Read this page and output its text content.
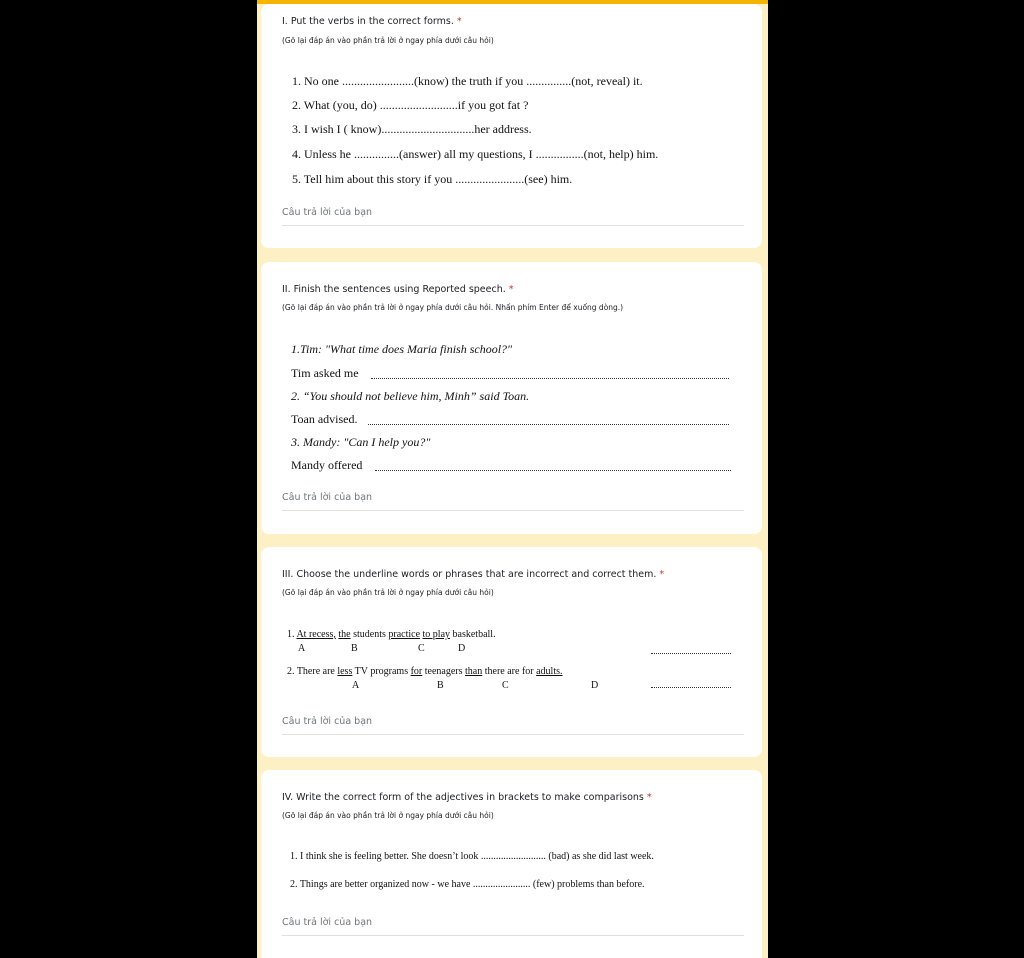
I. Put the verbs in the correct forms. *
(Gõ lại đáp án vào phần trả lời ở ngay phía dưới câu hỏi)
1. No one ........................(know) the truth if you ...............(not, reveal) it.
2. What (you, do) ..........................if you got fat ?
3. I wish I ( know)...............................her address.
4. Unless he ...............(answer) all my questions, I ................(not, help) him.
5. Tell him about this story if you .......................(see) him.
Câu trả lời của bạn
II. Finish the sentences using Reported speech. *
(Gõ lại đáp án vào phần trả lời ở ngay phía dưới câu hỏi. Nhấn phím Enter để xuống dòng.)
1.Tim: "What time does Maria finish school?"
Tim asked me
2. “You should not believe him, Minh” said Toan.
Toan advised.
3. Mandy: "Can I help you?"
Mandy offered
Câu trả lời của bạn
III. Choose the underline words or phrases that are incorrect and correct them. *
(Gõ lại đáp án vào phần trả lời ở ngay phía dưới câu hỏi)
1. At recess, the students practice to play basketball.
A	B	C	D
2. There are less TV programs for teenagers than there are for adults.
A	B	C	D
Câu trả lời của bạn
IV. Write the correct form of the adjectives in brackets to make comparisons *
(Gõ lại đáp án vào phần trả lời ở ngay phía dưới câu hỏi)
1. I think she is feeling better. She doesn’t look .......................... (bad) as she did last week.
2. Things are better organized now - we have ....................... (few) problems than before.
Câu trả lời của bạn
